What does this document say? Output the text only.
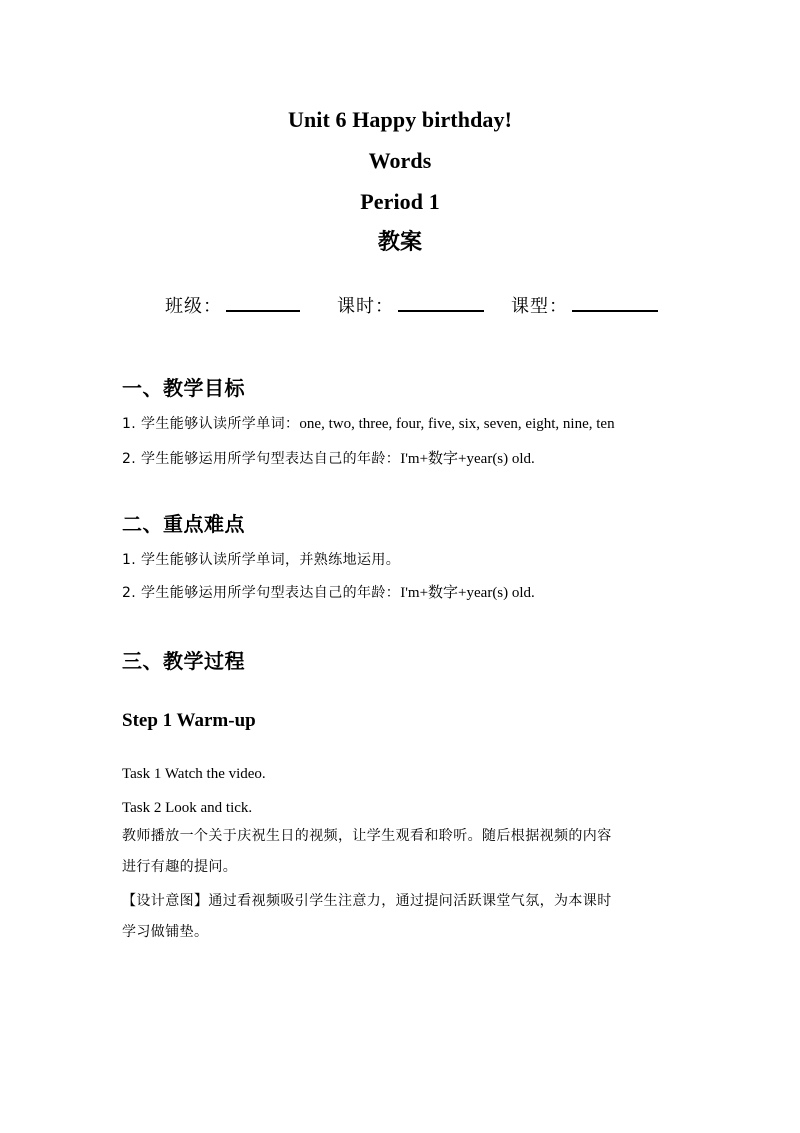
Unit 6 Happy birthday!
Words
Period 1
教案
班级：	课时：	课型：
一、教学目标
1. 学生能够认读所学单词：one, two, three, four, five, six, seven, eight, nine, ten
2. 学生能够运用所学句型表达自己的年龄：I'm+数字+year(s) old.
二、重点难点
1. 学生能够认读所学单词，并熟练地运用。
2. 学生能够运用所学句型表达自己的年龄：I'm+数字+year(s) old.
三、教学过程
Step 1 Warm-up
Task 1 Watch the video.
Task 2 Look and tick.
教师播放一个关于庆祝生日的视频，让学生观看和聆听。随后根据视频的内容
进行有趣的提问。
【设计意图】通过看视频吸引学生注意力，通过提问活跃课堂气氛，为本课时
学习做铺垫。
